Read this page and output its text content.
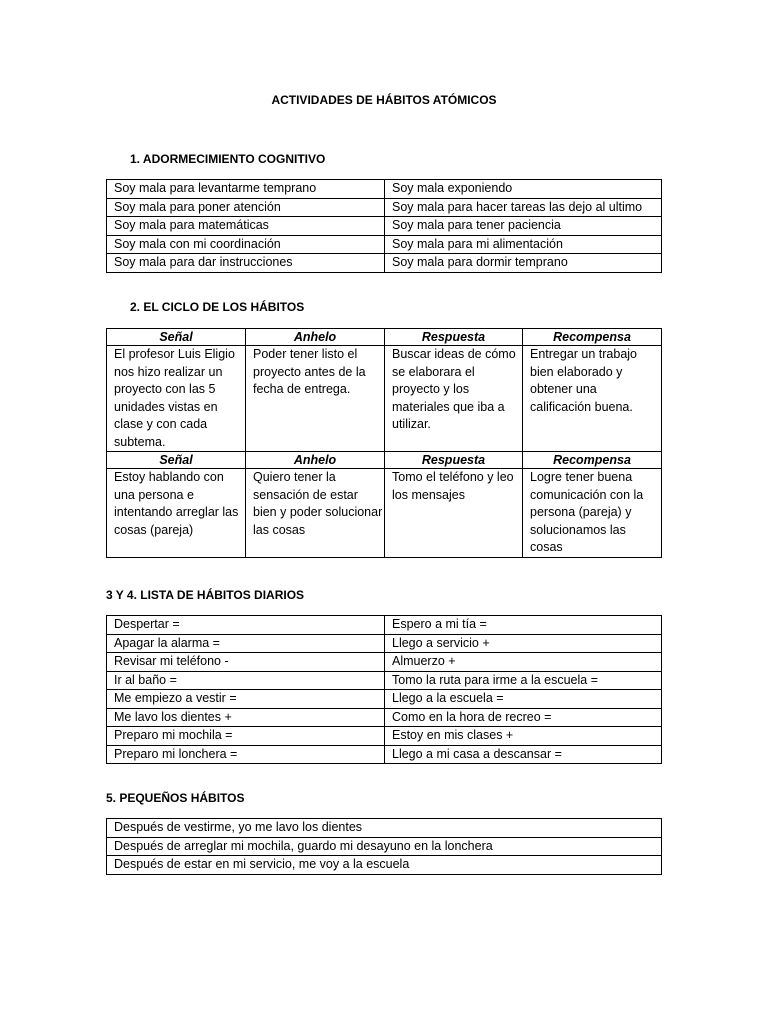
ACTIVIDADES DE HÁBITOS ATÓMICOS
1. ADORMECIMIENTO COGNITIVO
Soy mala para levantarme temprano	Soy mala exponiendo
Soy mala para poner atención	Soy mala para hacer tareas las dejo al ultimo
Soy mala para matemáticas	Soy mala para tener paciencia
Soy mala con mi coordinación	Soy mala para mi alimentación
Soy mala para dar instrucciones	Soy mala para dormir temprano
2. EL CICLO DE LOS HÁBITOS
Señal	Anhelo	Respuesta	Recompensa
El profesor Luis Eligio nos hizo realizar un proyecto con las 5 unidades vistas en clase y con cada subtema.	Poder tener listo el proyecto antes de la fecha de entrega.	Buscar ideas de cómo se elaborara el proyecto y los materiales que iba a utilizar.	Entregar un trabajo bien elaborado y obtener una calificación buena.
Señal	Anhelo	Respuesta	Recompensa
Estoy hablando con una persona e intentando arreglar las cosas (pareja)	Quiero tener la sensación de estar bien y poder solucionar las cosas	Tomo el teléfono y leo los mensajes	Logre tener buena comunicación con la persona (pareja) y solucionamos las cosas
3 Y 4. LISTA DE HÁBITOS DIARIOS
Despertar =	Espero a mi tía =
Apagar la alarma =	Llego a servicio +
Revisar mi teléfono -	Almuerzo +
Ir al baño =	Tomo la ruta para irme a la escuela =
Me empiezo a vestir =	Llego a la escuela =
Me lavo los dientes +	Como en la hora de recreo =
Preparo mi mochila =	Estoy en mis clases +
Preparo mi lonchera =	Llego a mi casa a descansar =
5. PEQUEÑOS HÁBITOS
Después de vestirme, yo me lavo los dientes
Después de arreglar mi mochila, guardo mi desayuno en la lonchera
Después de estar en mi servicio, me voy a la escuela
